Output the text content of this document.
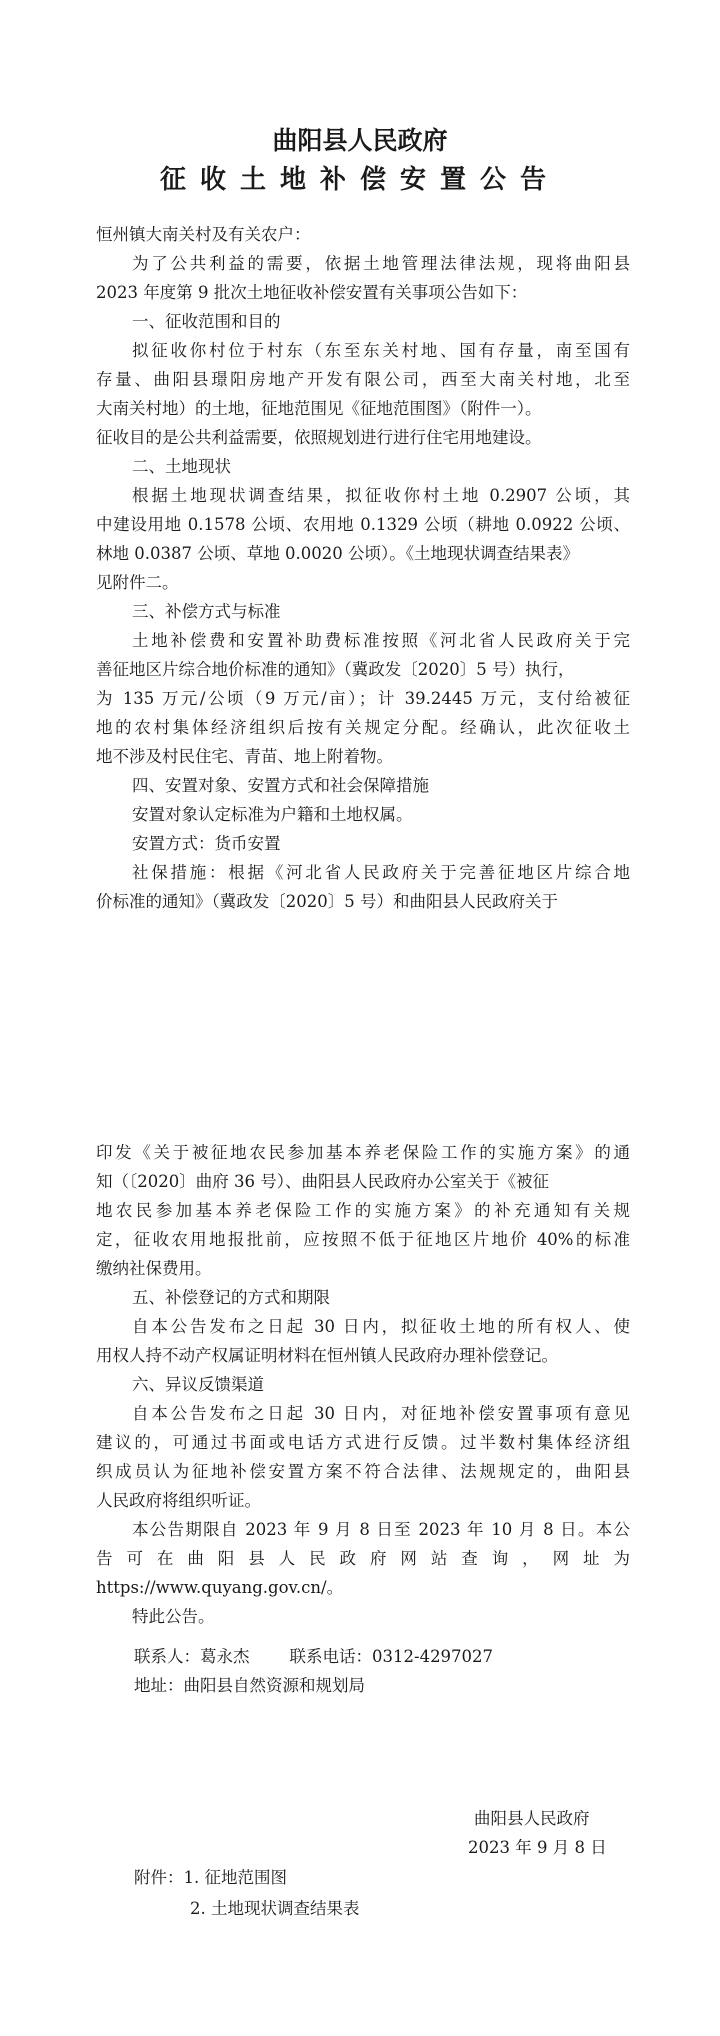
曲阳县人民政府
征收土地补偿安置公告
恒州镇大南关村及有关农户：
为了公共利益的需要，依据土地管理法律法规，现将曲阳县
2023 年度第 9 批次土地征收补偿安置有关事项公告如下：
一、征收范围和目的
拟征收你村位于村东（东至东关村地、国有存量，南至国有
存量、曲阳县璟阳房地产开发有限公司，西至大南关村地，北至
大南关村地）的土地，征地范围见《征地范围图》（附件一）。
征收目的是公共利益需要，依照规划进行进行住宅用地建设。
二、土地现状
根据土地现状调查结果，拟征收你村土地 0.2907 公顷，其
中建设用地 0.1578 公顷、农用地 0.1329 公顷（耕地 0.0922 公顷、
林地 0.0387 公顷、草地 0.0020 公顷）。《土地现状调查结果表》
见附件二。
三、补偿方式与标准
土地补偿费和安置补助费标准按照《河北省人民政府关于完
善征地区片综合地价标准的通知》（冀政发〔2020〕5 号）执行，
为 135 万元/公顷（9 万元/亩）；计 39.2445 万元，支付给被征
地的农村集体经济组织后按有关规定分配。经确认，此次征收土
地不涉及村民住宅、青苗、地上附着物。
四、安置对象、安置方式和社会保障措施
安置对象认定标准为户籍和土地权属。
安置方式：货币安置
社保措施：根据《河北省人民政府关于完善征地区片综合地
价标准的通知》（冀政发〔2020〕5 号）和曲阳县人民政府关于
印发《关于被征地农民参加基本养老保险工作的实施方案》的通
知（〔2020〕曲府 36 号）、曲阳县人民政府办公室关于《被征
地农民参加基本养老保险工作的实施方案》的补充通知有关规
定，征收农用地报批前，应按照不低于征地区片地价 40%的标准
缴纳社保费用。
五、补偿登记的方式和期限
自本公告发布之日起 30 日内，拟征收土地的所有权人、使
用权人持不动产权属证明材料在恒州镇人民政府办理补偿登记。
六、异议反馈渠道
自本公告发布之日起 30 日内，对征地补偿安置事项有意见
建议的，可通过书面或电话方式进行反馈。过半数村集体经济组
织成员认为征地补偿安置方案不符合法律、法规规定的，曲阳县
人民政府将组织听证。
本公告期限自 2023 年 9 月 8 日至 2023 年 10 月 8 日。本公
告可在曲阳县人民政府网站查询，网址为
https://www.quyang.gov.cn/。
特此公告。
联系人：葛永杰 联系电话：0312-4297027
地址：曲阳县自然资源和规划局
曲阳县人民政府
2023 年 9 月 8 日
附件：1. 征地范围图
2. 土地现状调查结果表
